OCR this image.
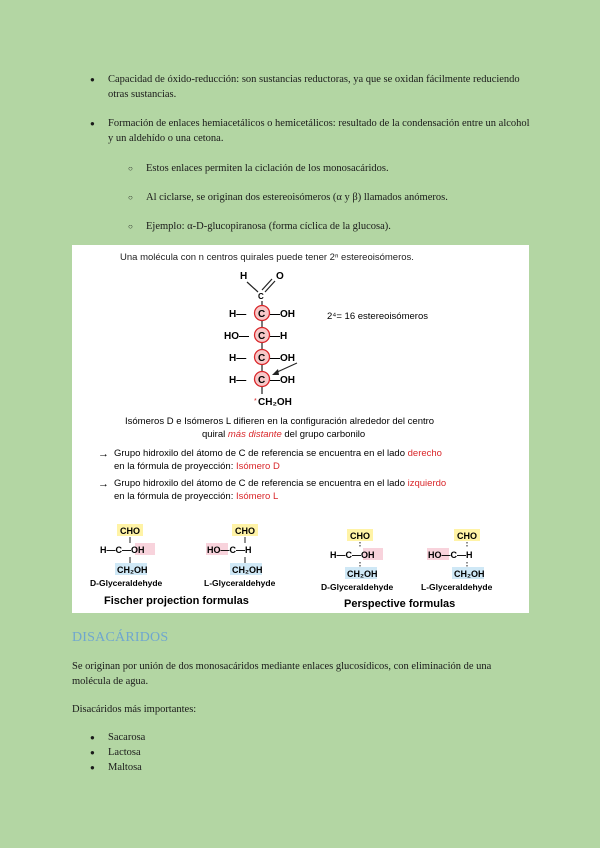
● Capacidad de óxido-reducción: son sustancias reductoras, ya que se oxidan fácilmente reduciendo otras sustancias.
● Formación de enlaces hemiacetálicos o hemicetálicos: resultado de la condensación entre un alcohol y un aldehído o una cetona.
○ Estos enlaces permiten la ciclación de los monosacáridos.
○ Al ciclarse, se originan dos estereoisómeros (α y β) llamados anómeros.
○ Ejemplo: α-D-glucopiranosa (forma cíclica de la glucosa).
Una molécula con n centros quirales puede tener 2ⁿ estereoisómeros.
H	O
C
C
H— —OH
C
HO— —H
C
H— —OH
C
H— —OH
* CH₂OH
2⁴= 16 estereoisómeros
Isómeros D e Isómeros L difieren en la configuración alrededor del centro
quiral más distante del grupo carbonilo
→ Grupo hidroxilo del átomo de C de referencia se encuentra en el lado derecho
en la fórmula de proyección: Isómero D
→ Grupo hidroxilo del átomo de C de referencia se encuentra en el lado izquierdo
en la fórmula de proyección: Isómero L
CHO
H—C—OH
CH₂OH
D-Glyceraldehyde
CHO
HO—C—H
CH₂OH
L-Glyceraldehyde
Fischer projection formulas
CHO
H—C—OH
CH₂OH
D-Glyceraldehyde
CHO
HO—C—H
CH₂OH
L-Glyceraldehyde
Perspective formulas
DISACÁRIDOS
Se originan por unión de dos monosacáridos mediante enlaces glucosídicos, con eliminación de una molécula de agua.
Disacáridos más importantes:
● Sacarosa
● Lactosa
● Maltosa
